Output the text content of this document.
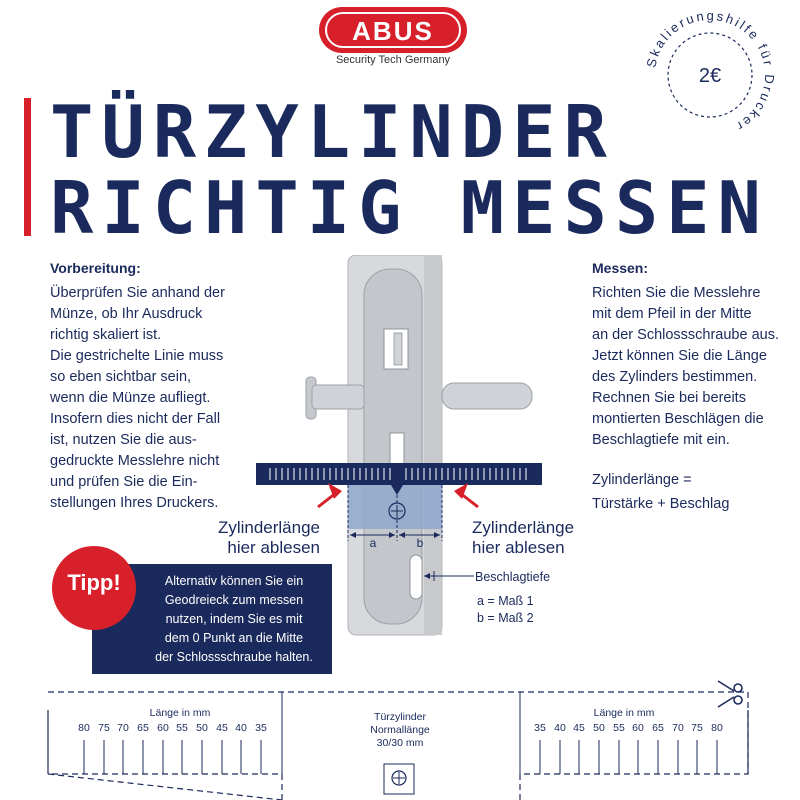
ABUS
Security Tech Germany	Skalierungshilfe für Drucker
2€
TÜRZYLINDER
RICHTIG MESSEN
Vorbereitung:
Überprüfen Sie anhand der
Münze, ob Ihr Ausdruck
richtig skaliert ist.
Die gestrichelte Linie muss
so eben sichtbar sein,
wenn die Münze aufliegt.
Insofern dies nicht der Fall
ist, nutzen Sie die aus-
gedruckte Messlehre nicht
und prüfen Sie die Ein-
stellungen Ihres Druckers.
Messen:
Richten Sie die Messlehre
mit dem Pfeil in der Mitte
an der Schlossschraube aus.
Jetzt können Sie die Länge
des Zylinders bestimmen.
Rechnen Sie bei bereits
montierten Beschlägen die
Beschlagtiefe mit ein.
Zylinderlänge =
Türstärke + Beschlag
a	b
Zylinderlänge
hier ablesen
Zylinderlänge
hier ablesen
Beschlagtiefe
a = Maß 1
b = Maß 2
Tipp!	Alternativ können Sie ein
Geodreieck zum messen
nutzen, indem Sie es mit
dem 0 Punkt an die Mitte
der Schlossschraube halten.
Länge in mm	Länge in mm
Türzylinder
Normallänge
30/30 mm
80 75 70 65 60 55 50 45 40 35	35 40 45 50 55 60 65 70 75 80
